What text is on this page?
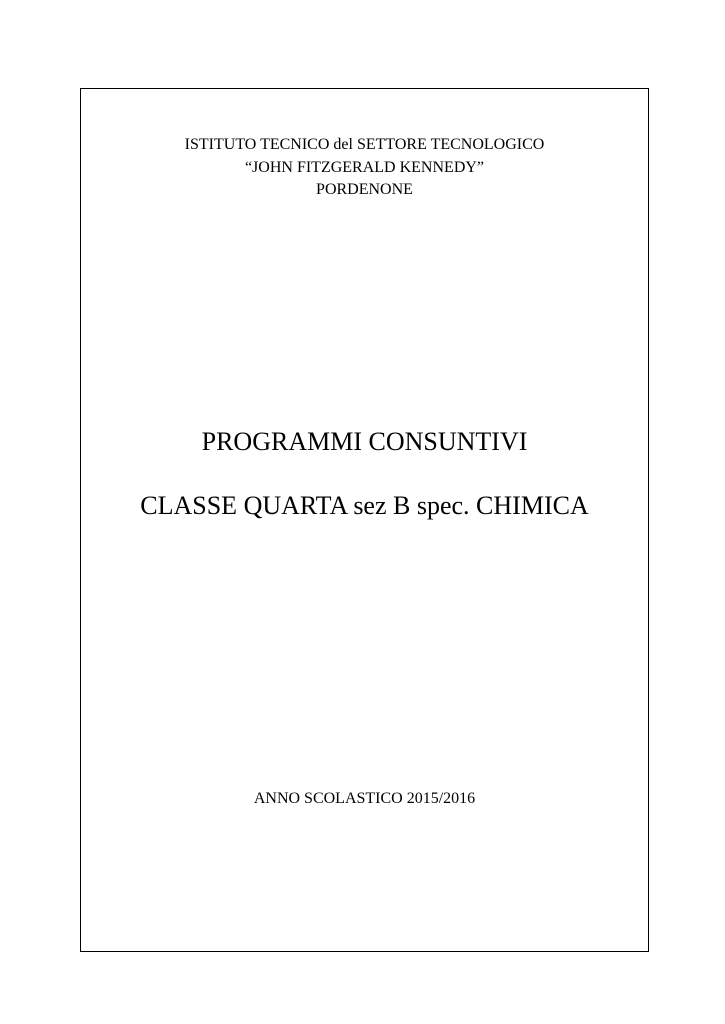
ISTITUTO TECNICO del SETTORE TECNOLOGICO
“JOHN FITZGERALD KENNEDY”
PORDENONE
PROGRAMMI CONSUNTIVI
CLASSE QUARTA sez B spec. CHIMICA
ANNO SCOLASTICO 2015/2016
